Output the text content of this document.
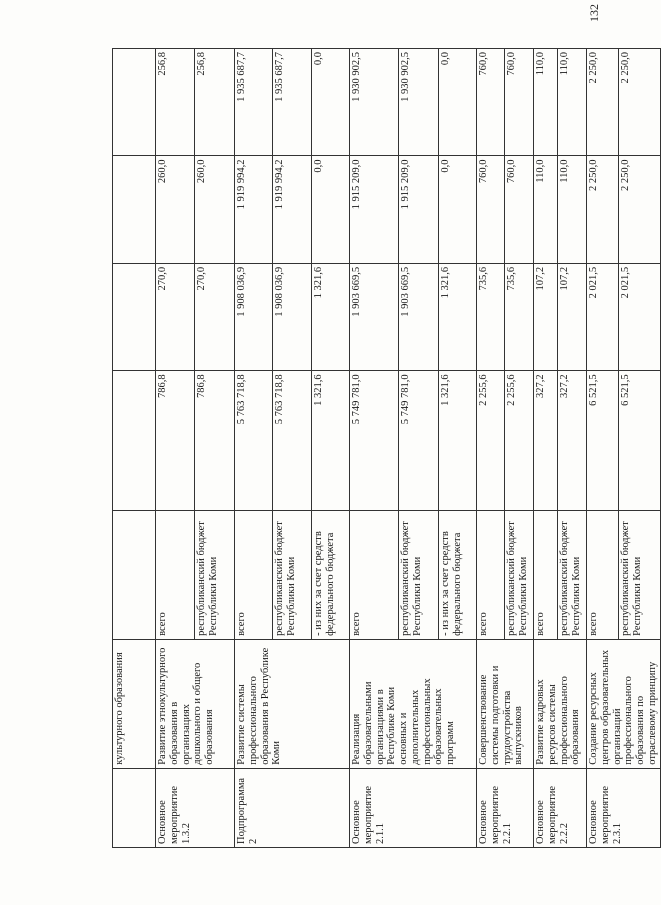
132
	культурного образования					
Основное мероприятие 1.3.2	Развитие этнокультурного образования в организациях дошкольного и общего образования	всего	786,8	270,0	260,0	256,8
		республиканский бюджет Республики Коми	786,8	270,0	260,0	256,8
Подпрограмма 2	Развитие системы профессионального образования в Республике Коми	всего	5 763 718,8	1 908 036,9	1 919 994,2	1 935 687,7
		республиканский бюджет Республики Коми	5 763 718,8	1 908 036,9	1 919 994,2	1 935 687,7
		- из них за счет средств федерального бюджета	1 321,6	1 321,6	0,0	0,0
Основное мероприятие 2.1.1	Реализация образовательными организациями в Республике Коми основных и дополнительных профессиональных образовательных программ	всего	5 749 781,0	1 903 669,5	1 915 209,0	1 930 902,5
		республиканский бюджет Республики Коми	5 749 781,0	1 903 669,5	1 915 209,0	1 930 902,5
		- из них за счет средств федерального бюджета	1 321,6	1 321,6	0,0	0,0
Основное мероприятие 2.2.1	Совершенствование системы подготовки и трудоустройства выпускников	всего	2 255,6	735,6	760,0	760,0
		республиканский бюджет Республики Коми	2 255,6	735,6	760,0	760,0
Основное мероприятие 2.2.2	Развитие кадровых ресурсов системы профессионального образования	всего	327,2	107,2	110,0	110,0
		республиканский бюджет Республики Коми	327,2	107,2	110,0	110,0
Основное мероприятие 2.3.1	Создание ресурсных центров образовательных организаций профессионального образования по отраслевому принципу	всего	6 521,5	2 021,5	2 250,0	2 250,0
		республиканский бюджет Республики Коми	6 521,5	2 021,5	2 250,0	2 250,0
